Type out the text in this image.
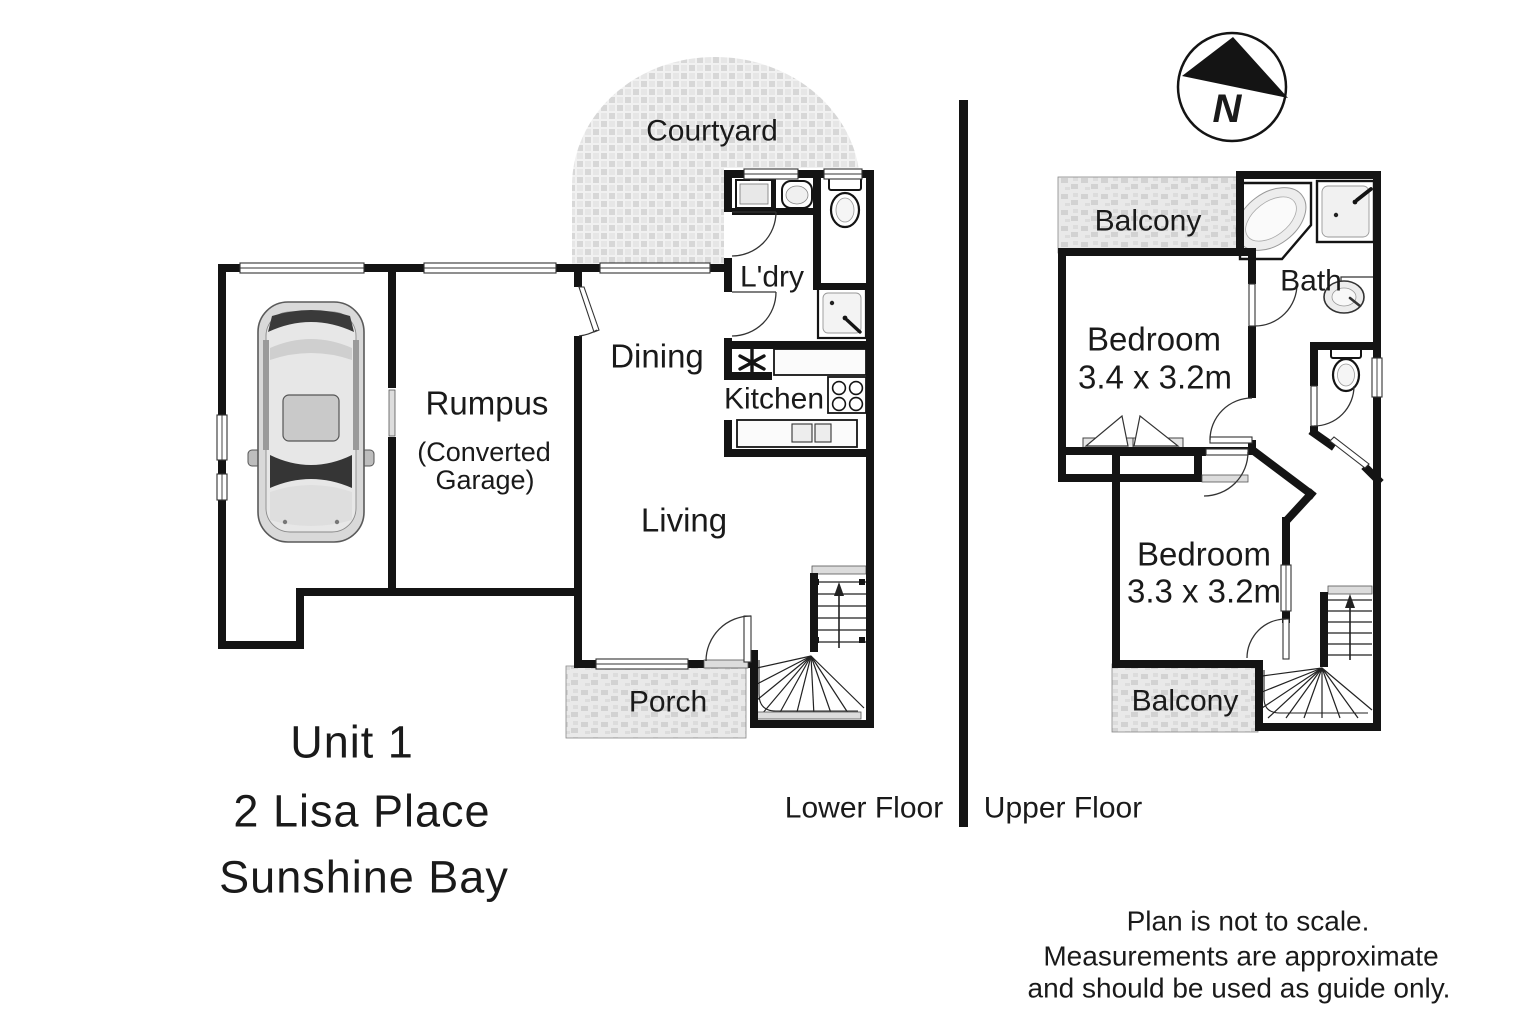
Courtyard
L'dry
Dining
Kitchen
Rumpus
(Converted
Garage)
Living
Porch
Balcony
Bedroom
3.4 x 3.2m
Bath
Bedroom
3.3 x 3.2m
Balcony
Unit 1
2 Lisa Place
Sunshine Bay
Lower Floor Upper Floor
Plan is not to scale.
Measurements are approximate
and should be used as guide only.
N
